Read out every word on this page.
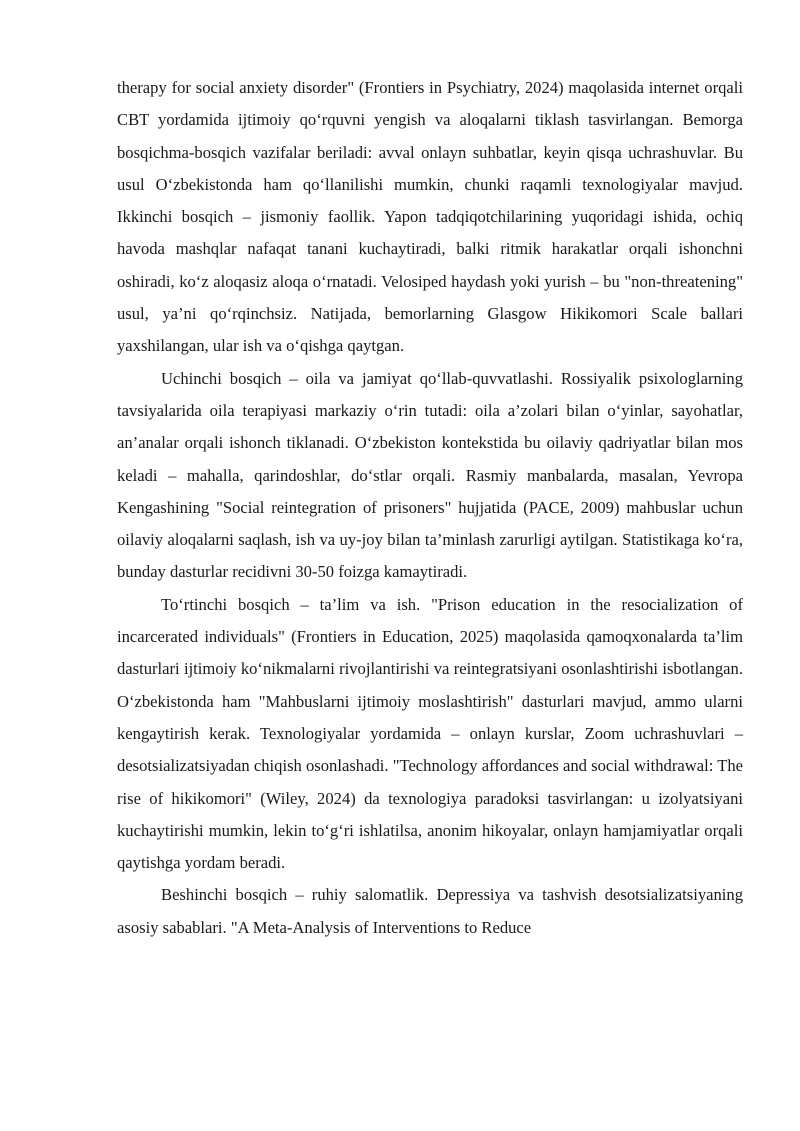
therapy for social anxiety disorder" (Frontiers in Psychiatry, 2024) maqolasida internet orqali CBT yordamida ijtimoiy qo‘rquvni yengish va aloqalarni tiklash tasvirlangan. Bemorga bosqichma-bosqich vazifalar beriladi: avval onlayn suhbatlar, keyin qisqa uchrashuvlar. Bu usul O‘zbekistonda ham qo‘llanilishi mumkin, chunki raqamli texnologiyalar mavjud. Ikkinchi bosqich – jismoniy faollik. Yapon tadqiqotchilarining yuqoridagi ishida, ochiq havoda mashqlar nafaqat tanani kuchaytiradi, balki ritmik harakatlar orqali ishonchni oshiradi, ko‘z aloqasiz aloqa o‘rnatadi. Velosiped haydash yoki yurish – bu "non-threatening" usul, ya’ni qo‘rqinchsiz. Natijada, bemorlarning Glasgow Hikikomori Scale ballari yaxshilangan, ular ish va o‘qishga qaytgan.

Uchinchi bosqich – oila va jamiyat qo‘llab-quvvatlashi. Rossiyalik psixologlarning tavsiyalarida oila terapiyasi markaziy o‘rin tutadi: oila a’zolari bilan o‘yinlar, sayohatlar, an’analar orqali ishonch tiklanadi. O‘zbekiston kontekstida bu oilaviy qadriyatlar bilan mos keladi – mahalla, qarindoshlar, do‘stlar orqali. Rasmiy manbalarda, masalan, Yevropa Kengashining "Social reintegration of prisoners" hujjatida (PACE, 2009) mahbuslar uchun oilaviy aloqalarni saqlash, ish va uy-joy bilan ta’minlash zarurligi aytilgan. Statistikaga ko‘ra, bunday dasturlar recidivni 30-50 foizga kamaytiradi.

To‘rtinchi bosqich – ta’lim va ish. "Prison education in the resocialization of incarcerated individuals" (Frontiers in Education, 2025) maqolasida qamoqxonalarda ta’lim dasturlari ijtimoiy ko‘nikmalarni rivojlantirishi va reintegratsiyani osonlashtirishi isbotlangan. O‘zbekistonda ham "Mahbuslarni ijtimoiy moslashtirish" dasturlari mavjud, ammo ularni kengaytirish kerak. Texnologiyalar yordamida – onlayn kurslar, Zoom uchrashuvlari – desotsializatsiyadan chiqish osonlashadi. "Technology affordances and social withdrawal: The rise of hikikomori" (Wiley, 2024) da texnologiya paradoksi tasvirlangan: u izolyatsiyani kuchaytirishi mumkin, lekin to‘g‘ri ishlatilsa, anonim hikoyalar, onlayn hamjamiyatlar orqali qaytishga yordam beradi.

Beshinchi bosqich – ruhiy salomatlik. Depressiya va tashvish desotsializatsiyaning asosiy sabablari. "A Meta-Analysis of Interventions to Reduce
